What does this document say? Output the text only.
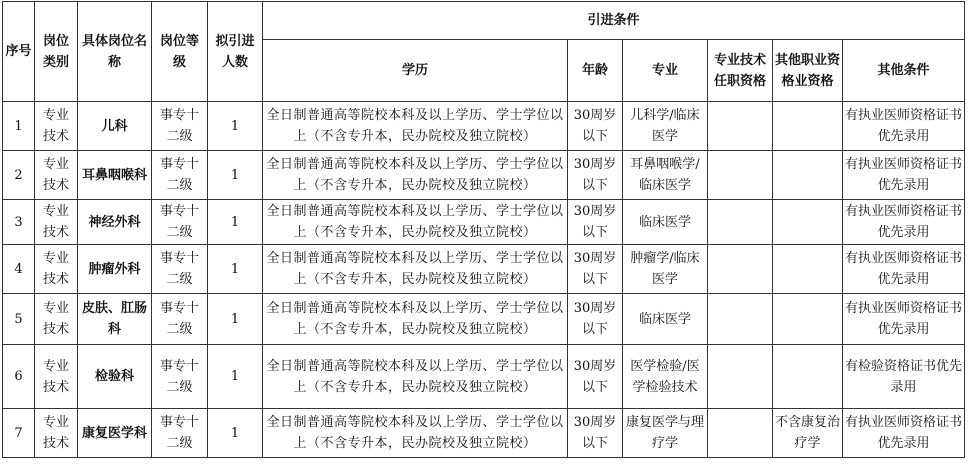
序号	岗位类别	具体岗位名称	岗位等级	拟引进人数	引进条件					
					学历	年龄	专业	专业技术任职资格	其他职业资格业资格	其他条件
1	专业技术	儿科	事专十二级	1	全日制普通高等院校本科及以上学历、学士学位以上（不含专升本，民办院校及独立院校）	30周岁以下	儿科学/临床医学			有执业医师资格证书优先录用
2	专业技术	耳鼻咽喉科	事专十二级	1	全日制普通高等院校本科及以上学历、学士学位以上（不含专升本，民办院校及独立院校）	30周岁以下	耳鼻咽喉学/临床医学			有执业医师资格证书优先录用
3	专业技术	神经外科	事专十二级	1	全日制普通高等院校本科及以上学历、学士学位以上（不含专升本，民办院校及独立院校）	30周岁以下	临床医学			有执业医师资格证书优先录用
4	专业技术	肿瘤外科	事专十二级	1	全日制普通高等院校本科及以上学历、学士学位以上（不含专升本，民办院校及独立院校）	30周岁以下	肿瘤学/临床医学			有执业医师资格证书优先录用
5	专业技术	皮肤、肛肠科	事专十二级	1	全日制普通高等院校本科及以上学历、学士学位以上（不含专升本，民办院校及独立院校）	30周岁以下	临床医学			有执业医师资格证书优先录用
6	专业技术	检验科	事专十二级	1	全日制普通高等院校本科及以上学历、学士学位以上（不含专升本，民办院校及独立院校）	30周岁以下	医学检验/医学检验技术			有检验资格证书优先录用
7	专业技术	康复医学科	事专十二级	1	全日制普通高等院校本科及以上学历、学士学位以上（不含专升本，民办院校及独立院校）	30周岁以下	康复医学与理疗学		不含康复治疗学	有执业医师资格证书优先录用
